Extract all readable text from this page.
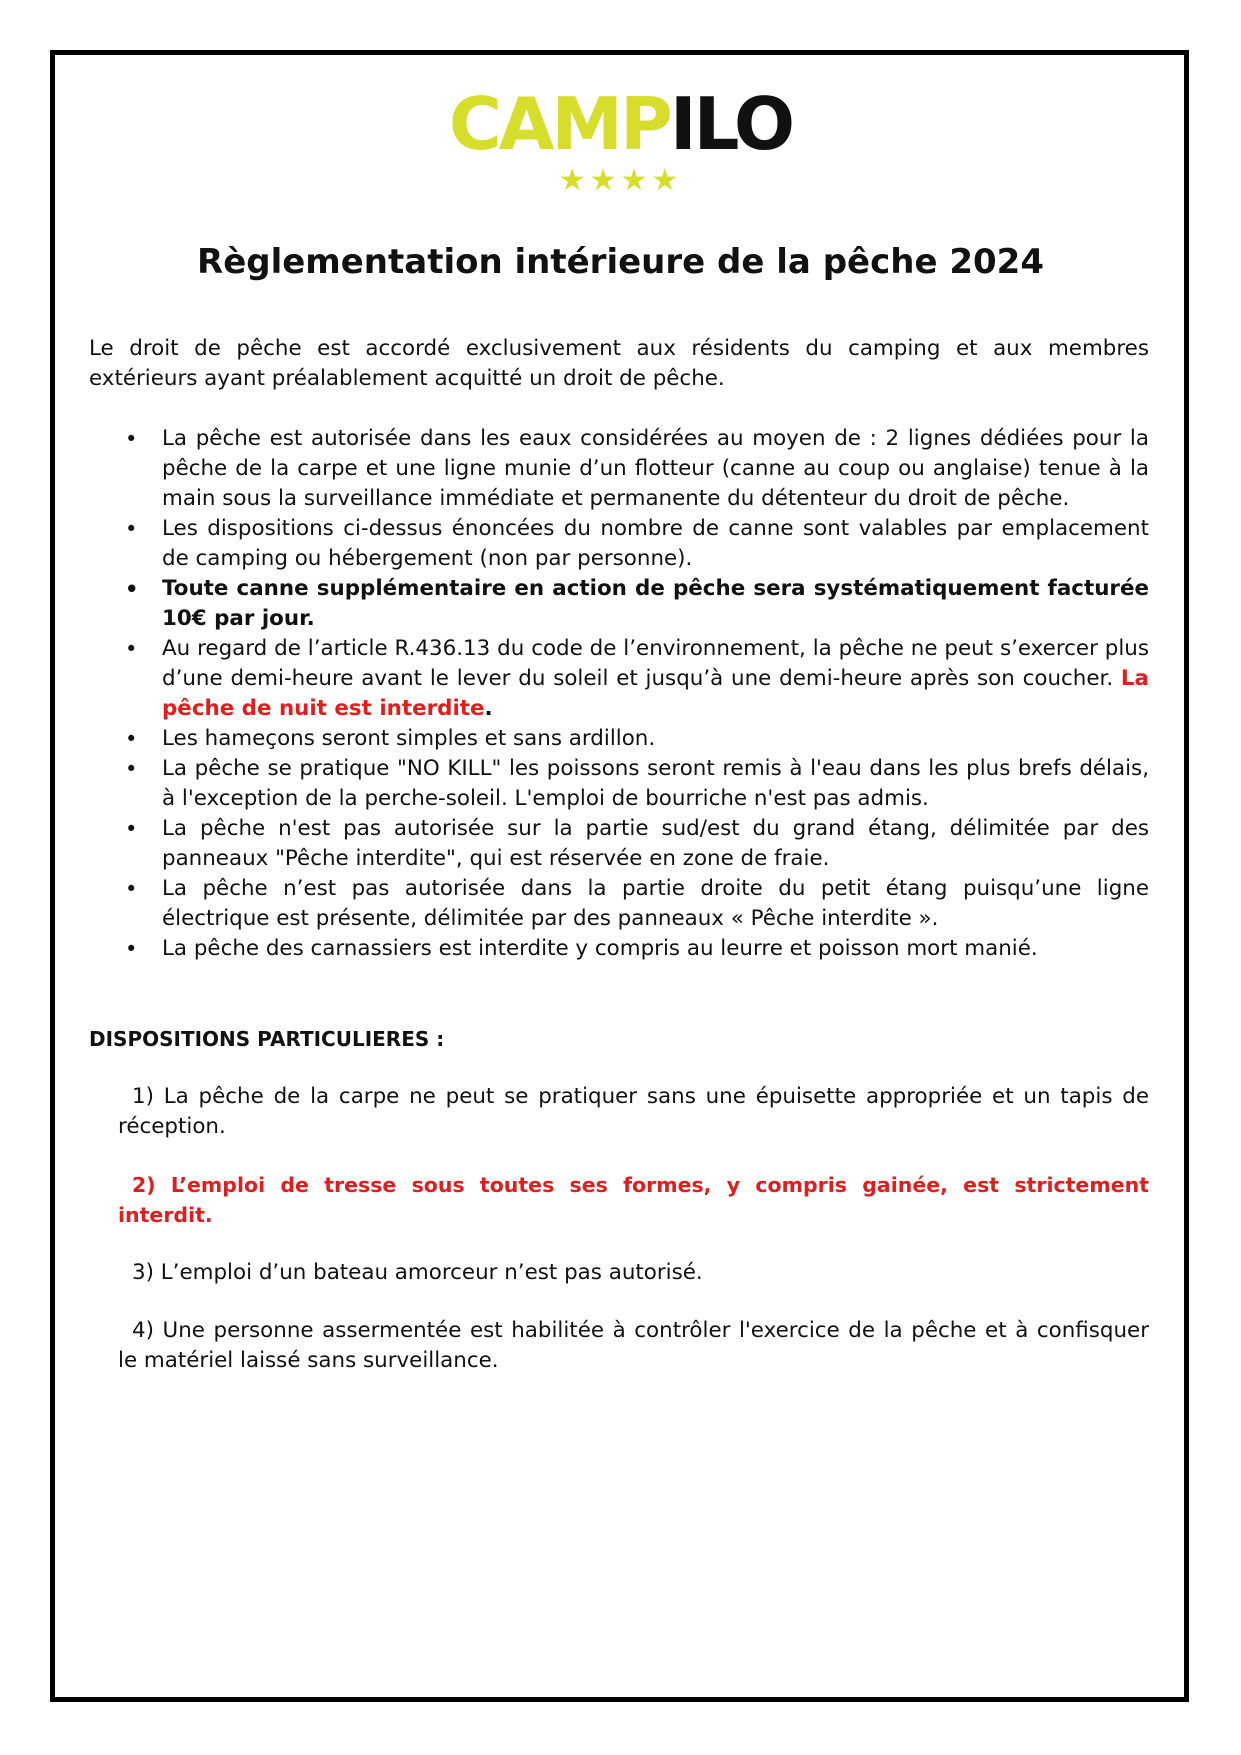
CAMPILO
★★★★
Règlementation intérieure de la pêche 2024

Le droit de pêche est accordé exclusivement aux résidents du camping et aux membres extérieurs ayant préalablement acquitté un droit de pêche.

• La pêche est autorisée dans les eaux considérées au moyen de : 2 lignes dédiées pour la pêche de la carpe et une ligne munie d’un flotteur (canne au coup ou anglaise) tenue à la main sous la surveillance immédiate et permanente du détenteur du droit de pêche.
• Les dispositions ci-dessus énoncées du nombre de canne sont valables par emplacement de camping ou hébergement (non par personne).
• Toute canne supplémentaire en action de pêche sera systématiquement facturée 10€ par jour.
• Au regard de l’article R.436.13 du code de l’environnement, la pêche ne peut s’exercer plus d’une demi-heure avant le lever du soleil et jusqu’à une demi-heure après son coucher. La pêche de nuit est interdite.
• Les hameçons seront simples et sans ardillon.
• La pêche se pratique "NO KILL" les poissons seront remis à l'eau dans les plus brefs délais, à l'exception de la perche-soleil. L'emploi de bourriche n'est pas admis.
• La pêche n'est pas autorisée sur la partie sud/est du grand étang, délimitée par des panneaux "Pêche interdite", qui est réservée en zone de fraie.
• La pêche n’est pas autorisée dans la partie droite du petit étang puisqu’une ligne électrique est présente, délimitée par des panneaux « Pêche interdite ».
• La pêche des carnassiers est interdite y compris au leurre et poisson mort manié.

DISPOSITIONS PARTICULIERES :

1) La pêche de la carpe ne peut se pratiquer sans une épuisette appropriée et un tapis de réception.

2) L’emploi de tresse sous toutes ses formes, y compris gainée, est strictement interdit.

3) L’emploi d’un bateau amorceur n’est pas autorisé.

4) Une personne assermentée est habilitée à contrôler l'exercice de la pêche et à confisquer le matériel laissé sans surveillance.
